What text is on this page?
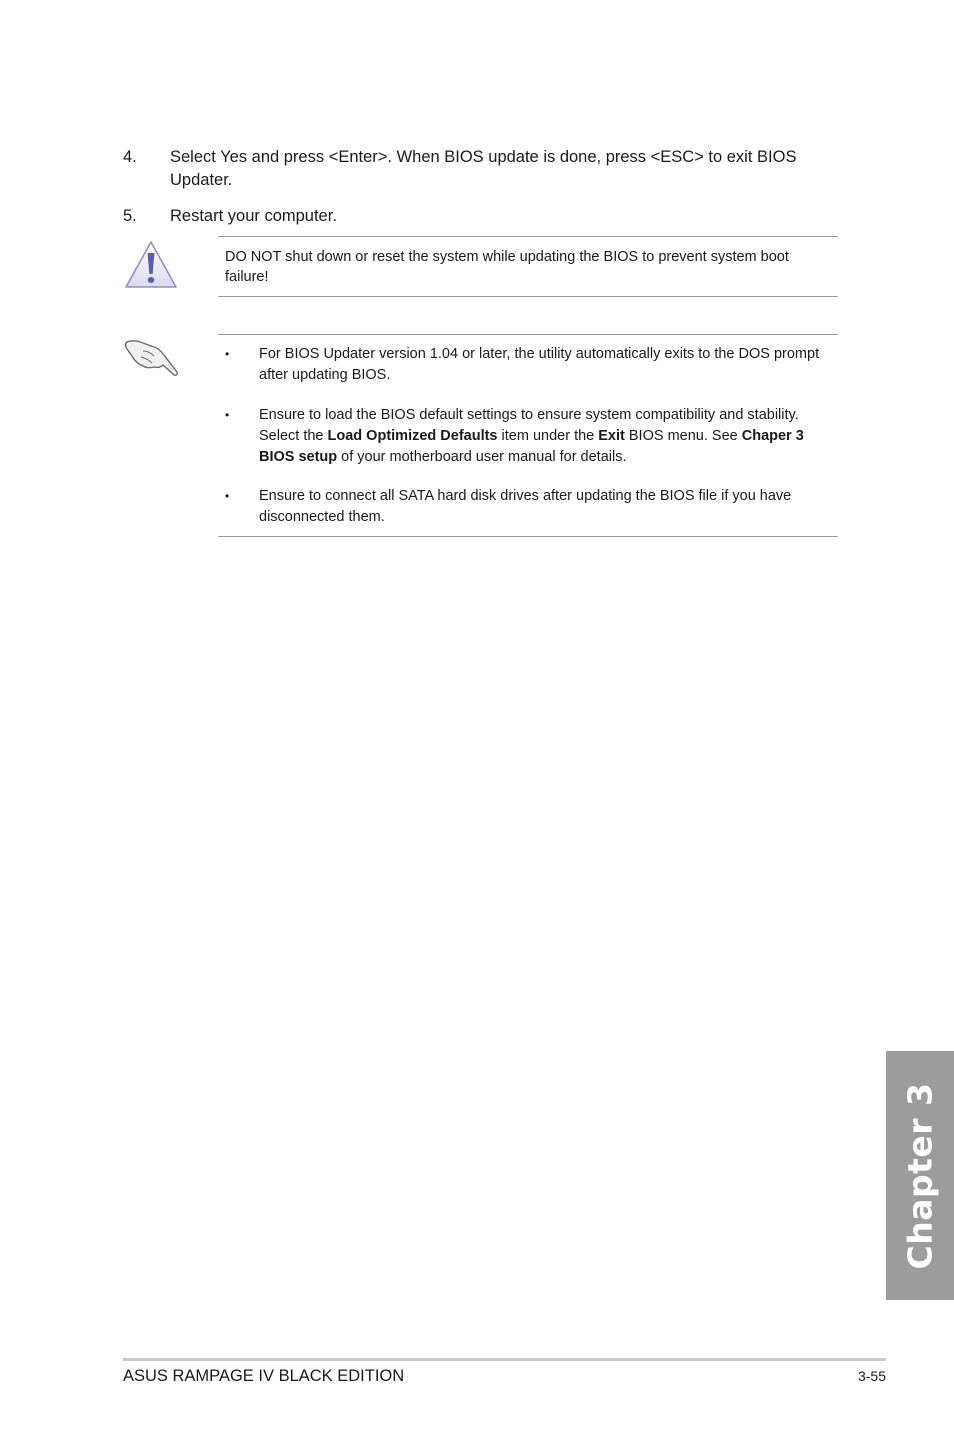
4. Select Yes and press <Enter>. When BIOS update is done, press <ESC> to exit BIOS Updater.
5. Restart your computer.
DO NOT shut down or reset the system while updating the BIOS to prevent system boot failure!
• For BIOS Updater version 1.04 or later, the utility automatically exits to the DOS prompt after updating BIOS.
• Ensure to load the BIOS default settings to ensure system compatibility and stability. Select the Load Optimized Defaults item under the Exit BIOS menu. See Chaper 3 BIOS setup of your motherboard user manual for details.
• Ensure to connect all SATA hard disk drives after updating the BIOS file if you have disconnected them.
Chapter 3
ASUS RAMPAGE IV BLACK EDITION	3-55
